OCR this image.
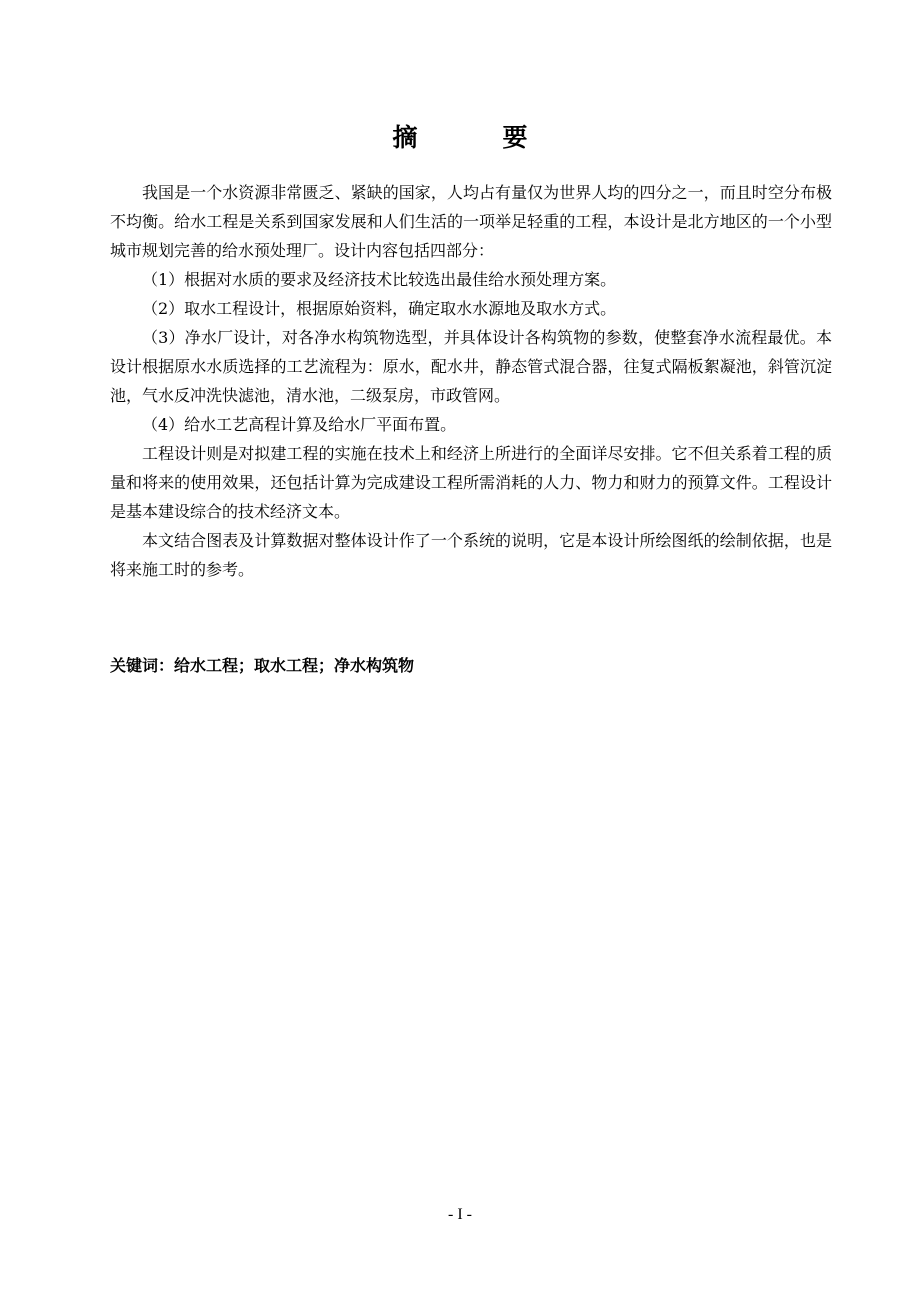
摘　要

我国是一个水资源非常匮乏、紧缺的国家，人均占有量仅为世界人均的四分之一，而且时空分布极不均衡。给水工程是关系到国家发展和人们生活的一项举足轻重的工程，本设计是北方地区的一个小型城市规划完善的给水预处理厂。设计内容包括四部分：

（1）根据对水质的要求及经济技术比较选出最佳给水预处理方案。

（2）取水工程设计，根据原始资料，确定取水水源地及取水方式。

（3）净水厂设计，对各净水构筑物选型，并具体设计各构筑物的参数，使整套净水流程最优。本设计根据原水水质选择的工艺流程为：原水，配水井，静态管式混合器，往复式隔板絮凝池，斜管沉淀池，气水反冲洗快滤池，清水池，二级泵房，市政管网。

（4）给水工艺高程计算及给水厂平面布置。

工程设计则是对拟建工程的实施在技术上和经济上所进行的全面详尽安排。它不但关系着工程的质量和将来的使用效果，还包括计算为完成建设工程所需消耗的人力、物力和财力的预算文件。工程设计是基本建设综合的技术经济文本。

本文结合图表及计算数据对整体设计作了一个系统的说明，它是本设计所绘图纸的绘制依据，也是将来施工时的参考。

关键词：给水工程；取水工程；净水构筑物

- I -
